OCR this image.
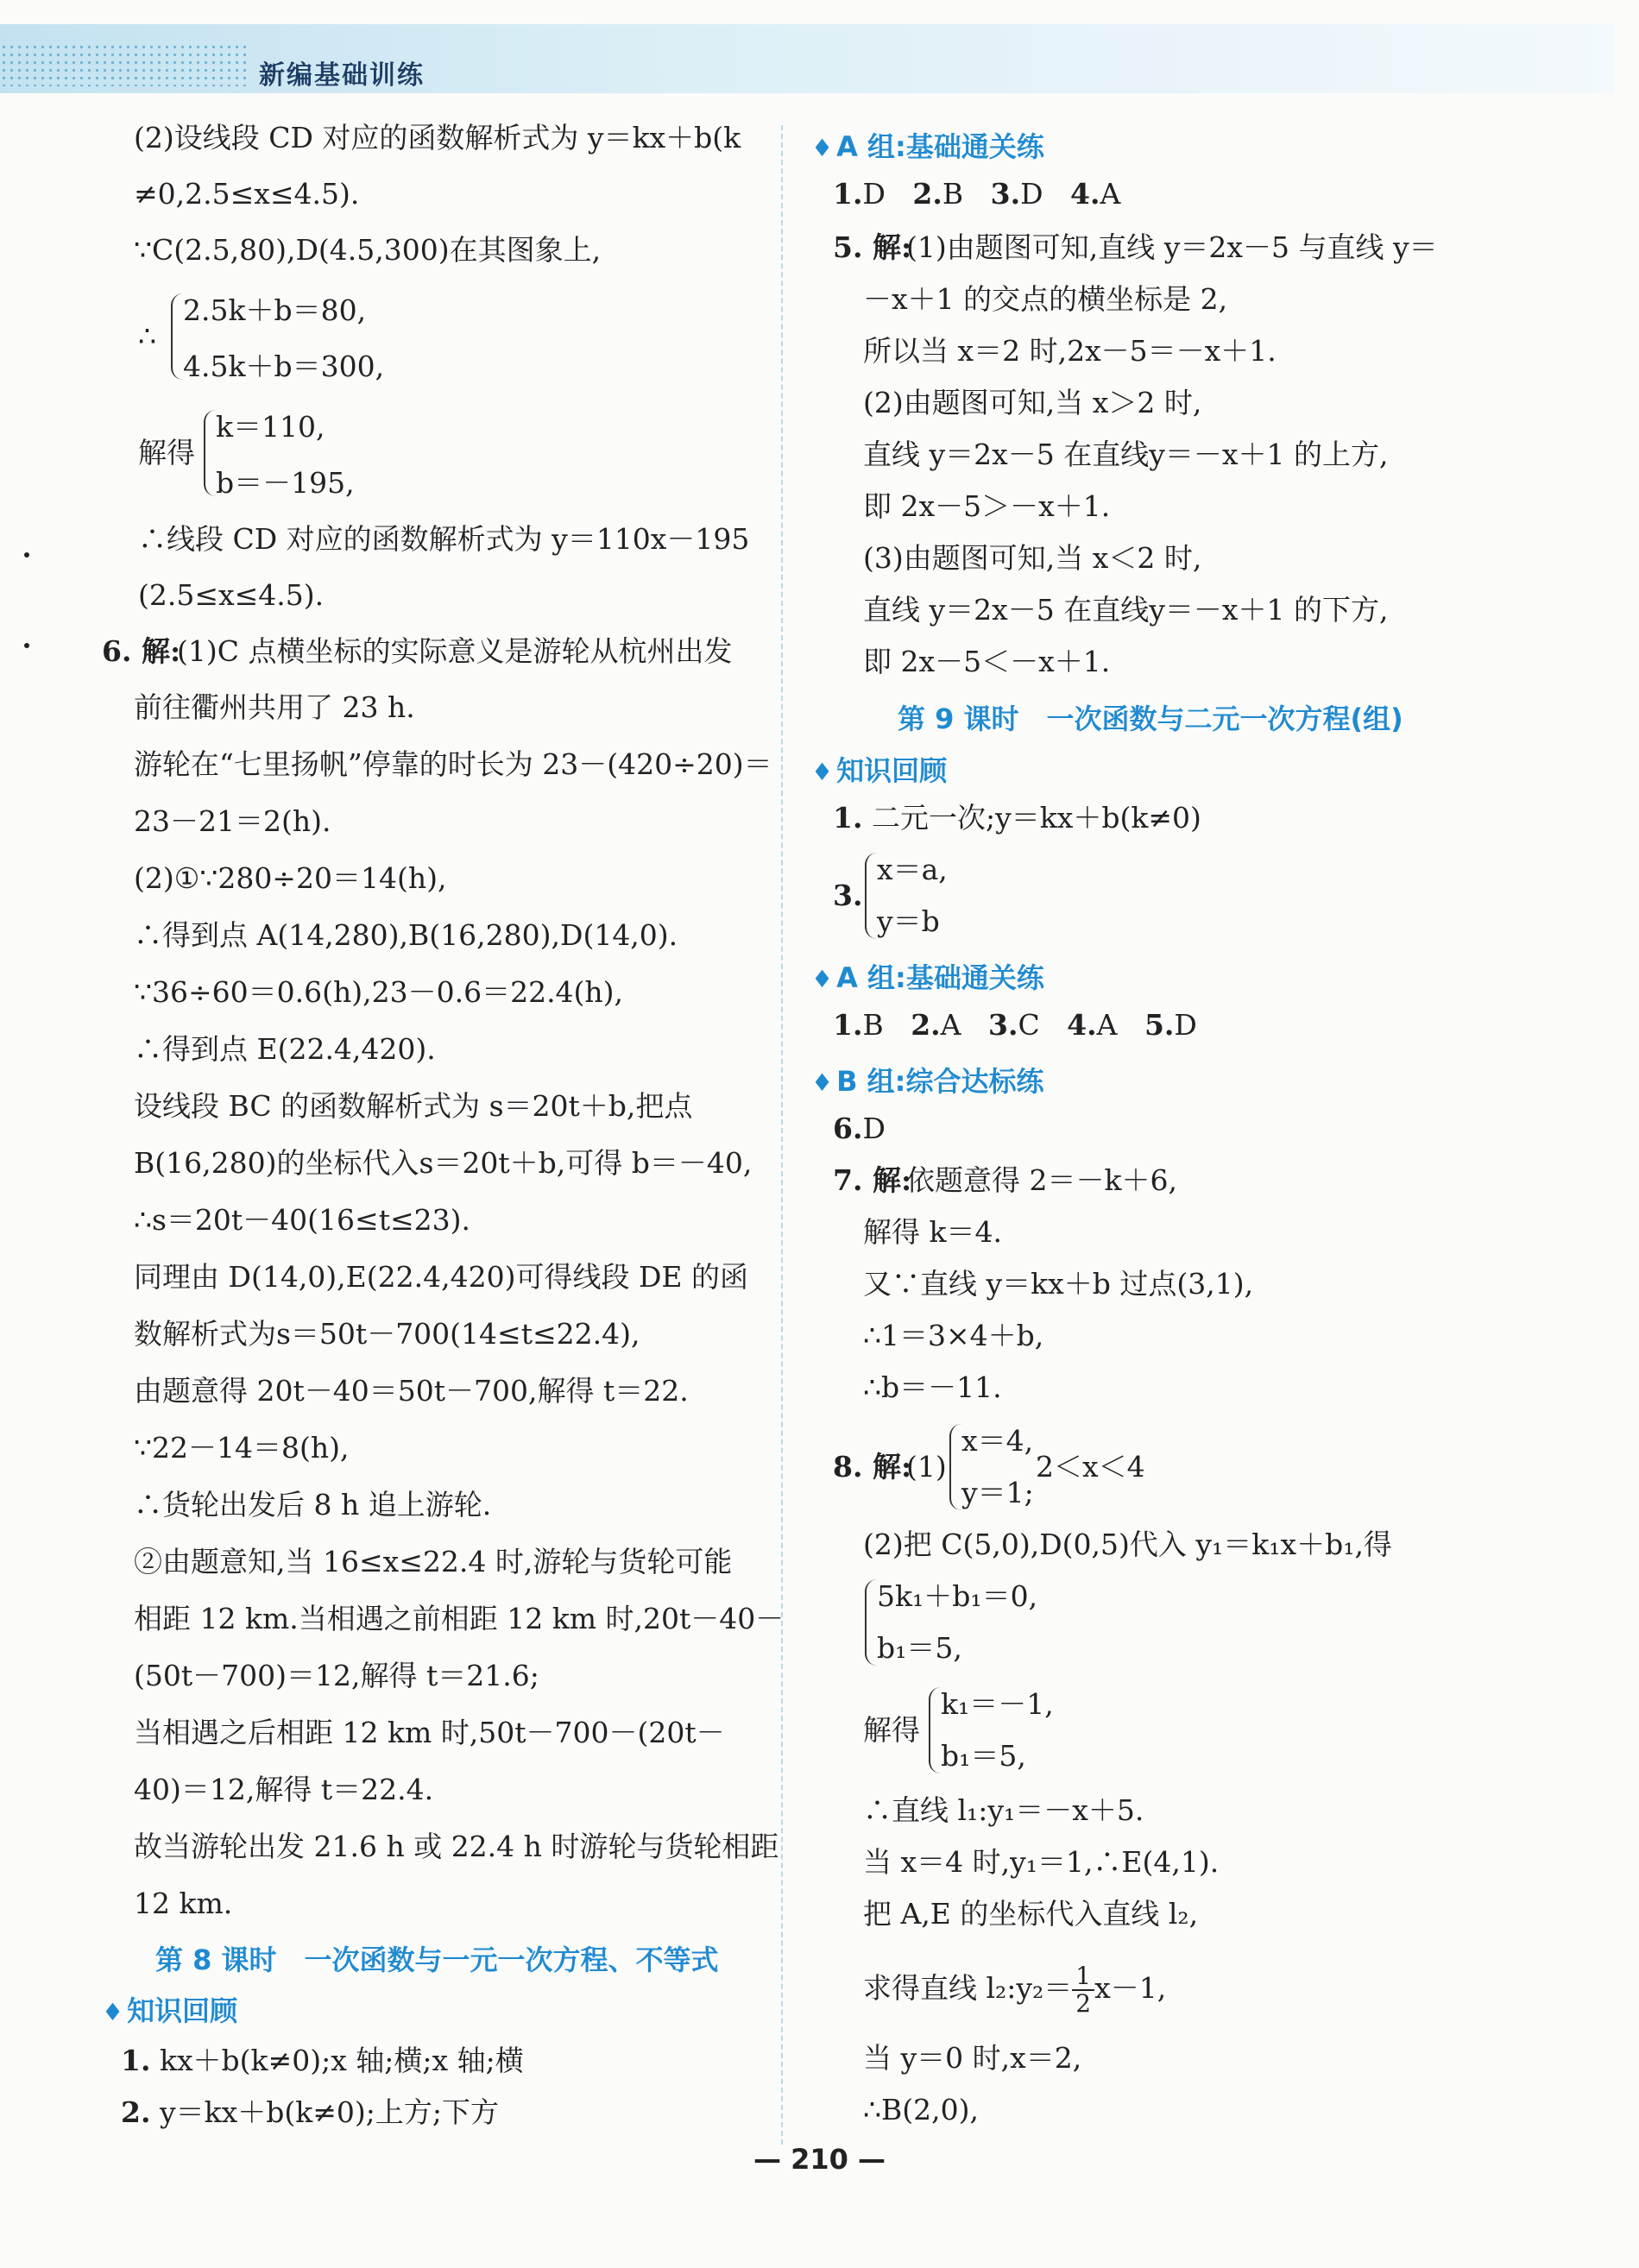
新编基础训练
(2)设线段 CD 对应的函数解析式为 y＝kx＋b(k
≠0,2.5≤x≤4.5).
∵C(2.5,80),D(4.5,300)在其图象上,
∴
2.5k＋b＝80,
4.5k＋b＝300,
解得
k＝110,
b＝－195,
∴线段 CD 对应的函数解析式为 y＝110x－195
(2.5≤x≤4.5).
6. 解:
(1)C 点横坐标的实际意义是游轮从杭州出发
前往衢州共用了 23 h.
游轮在“七里扬帆”停靠的时长为 23－(420÷20)＝
23－21＝2(h).
(2)①∵280÷20＝14(h),
∴得到点 A(14,280),B(16,280),D(14,0).
∵36÷60＝0.6(h),23－0.6＝22.4(h),
∴得到点 E(22.4,420).
设线段 BC 的函数解析式为 s＝20t＋b,把点
B(16,280)的坐标代入s＝20t＋b,可得 b＝－40,
∴s＝20t－40(16≤t≤23).
同理由 D(14,0),E(22.4,420)可得线段 DE 的函
数解析式为s＝50t－700(14≤t≤22.4),
由题意得 20t－40＝50t－700,解得 t＝22.
∵22－14＝8(h),
∴货轮出发后 8 h 追上游轮.
②由题意知,当 16≤x≤22.4 时,游轮与货轮可能
相距 12 km.当相遇之前相距 12 km 时,20t－40－
(50t－700)＝12,解得 t＝21.6;
当相遇之后相距 12 km 时,50t－700－(20t－
40)＝12,解得 t＝22.4.
故当游轮出发 21.6 h 或 22.4 h 时游轮与货轮相距
12 km.
第 8 课时　一次函数与一元一次方程、不等式
♦ 知识回顾
1. kx＋b(k≠0);x 轴;横;x 轴;横
2. y＝kx＋b(k≠0);上方;下方
♦ A 组:基础通关练
1.D 2.B 3.D 4.A
5. 解:
(1)由题图可知,直线 y＝2x－5 与直线 y＝
－x＋1 的交点的横坐标是 2,
所以当 x＝2 时,2x－5＝－x＋1.
(2)由题图可知,当 x＞2 时,
直线 y＝2x－5 在直线y＝－x＋1 的上方,
即 2x－5＞－x＋1.
(3)由题图可知,当 x＜2 时,
直线 y＝2x－5 在直线y＝－x＋1 的下方,
即 2x－5＜－x＋1.
第 9 课时　一次函数与二元一次方程(组)
♦ 知识回顾
1. 二元一次;y＝kx＋b(k≠0)
3.
x＝a,
y＝b
♦ A 组:基础通关练
1.B 2.A 3.C 4.A 5.D
♦ B 组:综合达标练
6.D
7. 解:
依题意得 2＝－k＋6,
解得 k＝4.
又∵直线 y＝kx＋b 过点(3,1),
∴1＝3×4＋b,
∴b＝－11.
8. 解:
(1)
x＝4,
y＝1;
2＜x＜4
(2)把 C(5,0),D(0,5)代入 y₁＝k₁x＋b₁,得
5k₁＋b₁＝0,
b₁＝5,
解得
k₁＝－1,
b₁＝5,
∴直线 l₁:y₁＝－x＋5.
当 x＝4 时,y₁＝1,∴E(4,1).
把 A,E 的坐标代入直线 l₂,
求得直线 l₂:y₂＝ $\frac{1}{2} x-1$,
当 y＝0 时,x＝2,
∴B(2,0),
— 210 —
